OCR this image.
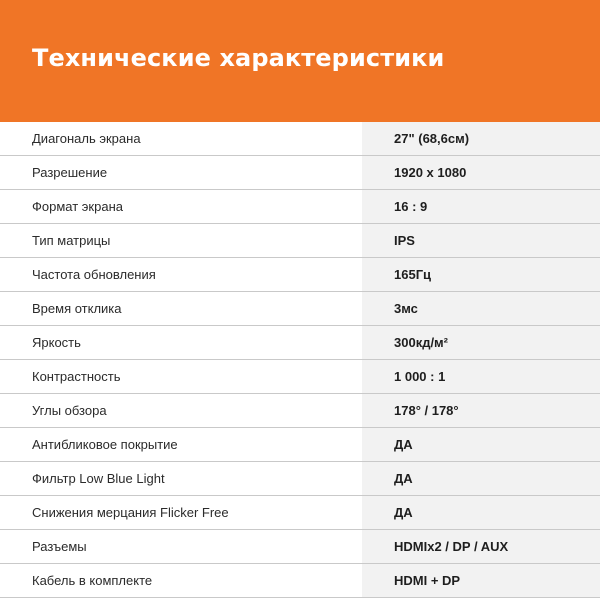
Технические характеристики
Диагональ экрана	27" (68,6см)
Разрешение	1920 x 1080
Формат экрана	16 : 9
Тип матрицы	IPS
Частота обновления	165Гц
Время отклика	3мс
Яркость	300кд/м²
Контрастность	1 000 : 1
Углы обзора	178° / 178°
Антибликовое покрытие	ДА
Фильтр Low Blue Light	ДА
Снижения мерцания Flicker Free	ДА
Разъемы	HDMIx2 / DP / AUX
Кабель в комплекте	HDMI + DP
